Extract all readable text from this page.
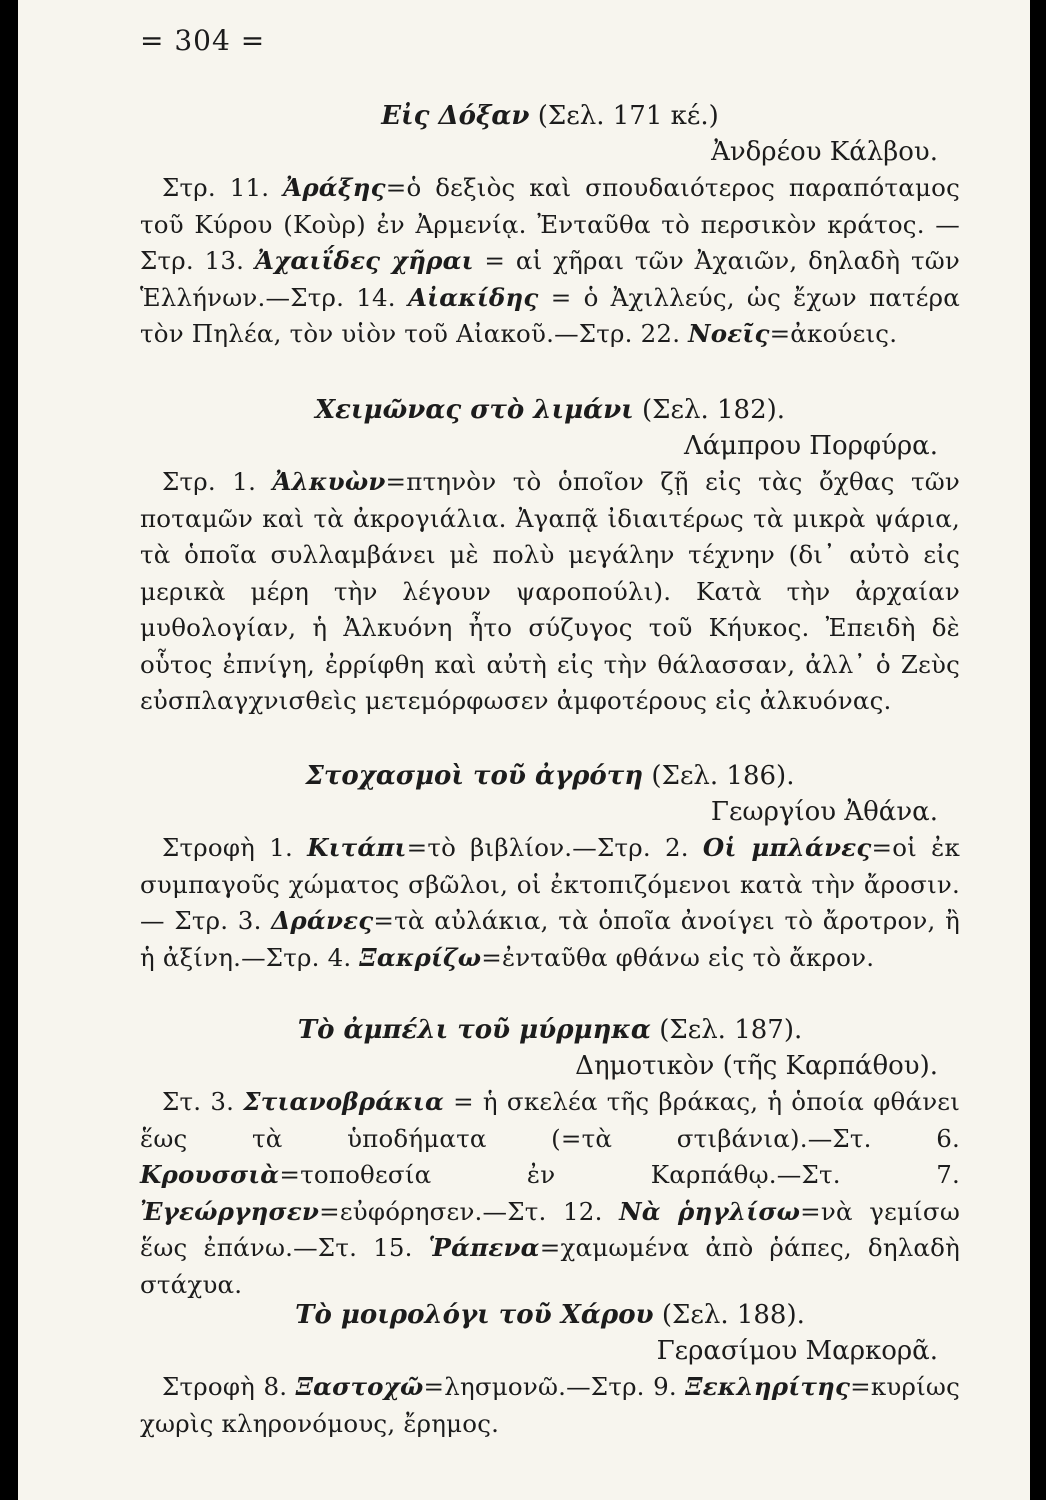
= 304 =
Εἰς Δόξαν (Σελ. 171 κέ.)
Ἀνδρέου Κάλβου.
Στρ. 11. Ἀράξης=ὁ δεξιὸς καὶ σπουδαιότερος παραπόταμος τοῦ Κύρου (Κοὺρ) ἐν Ἀρμενίᾳ. Ἐνταῦθα τὸ περσικὸν κράτος. — Στρ. 13. Ἀχαιΐδες χῆραι = αἱ χῆραι τῶν Ἀχαιῶν, δηλαδὴ τῶν Ἑλλήνων.—Στρ. 14. Αἰακίδης = ὁ Ἀχιλλεύς, ὡς ἔχων πατέρα τὸν Πηλέα, τὸν υἱὸν τοῦ Αἰακοῦ.—Στρ. 22. Νοεῖς=ἀκούεις.
Χειμῶνας στὸ λιμάνι (Σελ. 182).
Λάμπρου Πορφύρα.
Στρ. 1. Ἀλκυὼν=πτηνὸν τὸ ὁποῖον ζῇ εἰς τὰς ὄχθας τῶν ποταμῶν καὶ τὰ ἀκρογιάλια. Ἀγαπᾷ ἰδιαιτέρως τὰ μικρὰ ψάρια, τὰ ὁποῖα συλλαμβάνει μὲ πολὺ μεγάλην τέχνην (δι᾽ αὐτὸ εἰς μερικὰ μέρη τὴν λέγουν ψαροπούλι). Κατὰ τὴν ἀρχαίαν μυθολογίαν, ἡ Ἀλκυόνη ἦτο σύζυγος τοῦ Κήυκος. Ἐπειδὴ δὲ οὗτος ἐπνίγη, ἐρρίφθη καὶ αὐτὴ εἰς τὴν θάλασσαν, ἀλλ᾽ ὁ Ζεὺς εὐσπλαγχνισθεὶς μετεμόρφωσεν ἀμφοτέρους εἰς ἀλκυόνας.
Στοχασμοὶ τοῦ ἀγρότη (Σελ. 186).
Γεωργίου Ἀθάνα.
Στροφὴ 1. Κιτάπι=τὸ βιβλίον.—Στρ. 2. Οἱ μπλάνες=οἱ ἐκ συμπαγοῦς χώματος σβῶλοι, οἱ ἐκτοπιζόμενοι κατὰ τὴν ἄροσιν.— Στρ. 3. Δράνες=τὰ αὐλάκια, τὰ ὁποῖα ἀνοίγει τὸ ἄροτρον, ἢ ἡ ἀξίνη.—Στρ. 4. Ξακρίζω=ἐνταῦθα φθάνω εἰς τὸ ἄκρον.
Τὸ ἀμπέλι τοῦ μύρμηκα (Σελ. 187).
Δημοτικὸν (τῆς Καρπάθου).
Στ. 3. Στιανοβράκια = ἡ σκελέα τῆς βράκας, ἡ ὁποία φθάνει ἕως τὰ ὑποδήματα (=τὰ στιβάνια).—Στ. 6. Κρουσσιὰ=τοποθεσία ἐν Καρπάθῳ.—Στ. 7. Ἐγεώργησεν=εὐφόρησεν.—Στ. 12. Νὰ ῥηγλίσω=νὰ γεμίσω ἕως ἐπάνω.—Στ. 15. Ῥάπενα=χαμωμένα ἀπὸ ῥάπες, δηλαδὴ στάχυα.
Τὸ μοιρολόγι τοῦ Χάρου (Σελ. 188).
Γερασίμου Μαρκορᾶ.
Στροφὴ 8. Ξαστοχῶ=λησμονῶ.—Στρ. 9. Ξεκληρίτης=κυρίως χωρὶς κληρονόμους, ἔρημος.
